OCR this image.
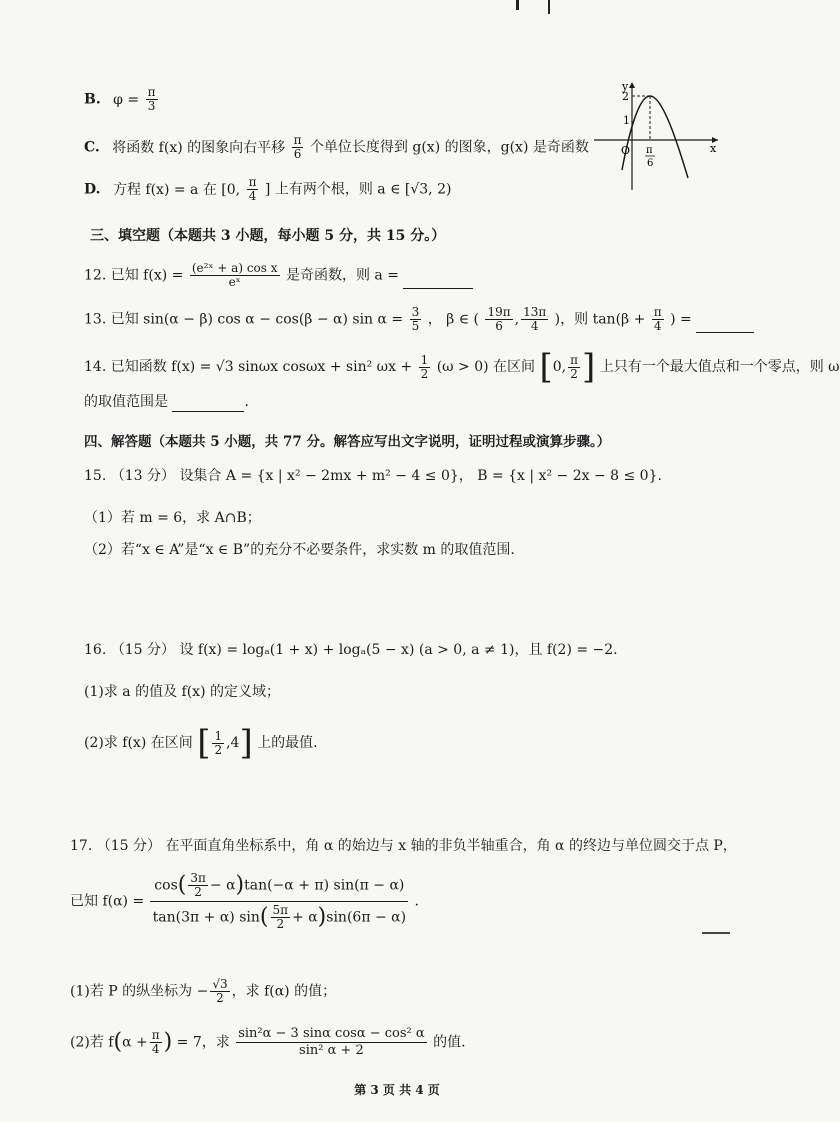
B. $\varphi = \frac{\pi}{3}$
C. 将函数 f(x) 的图象向右平移 $\frac{\pi}{6}$ 个单位长度得到 g(x) 的图象，g(x) 是奇函数
D. 方程 f(x) = a 在 [0, $\frac{\pi}{4}$ ] 上有两个根，则 a ∈ [√3, 2)
y
2
1
O	x
π
6
三、填空题（本题共 3 小题，每小题 5 分，共 15 分。）
12. 已知 $f(x) = \frac{\text{(e²ˣ + a) cos x}}{\text{eˣ}}$ 是奇函数，则 a =
13. 已知 sin(α − β) cos α − cos(β − α) $\sin \alpha = \frac{3}{5}$ ， β ∈ ( $\frac{19\pi}{6}$ , $\frac{13\pi}{4}$ )，则 $\tan(\beta + \frac{\pi}{4}$ ) =
14. 已知函数 f(x) = √3 sinωx cosωx + sin² $\omega x + \frac{1}{2} (\omega > 0)$ 在区间 [0, $\frac{\pi}{2}$ ] 上只有一个最大值点和一个零点，则 ω
的取值范围是	.
四、解答题（本题共 5 小题，共 77 分。解答应写出文字说明，证明过程或演算步骤。）
15. （13 分） 设集合 A = {x | x² − 2mx + m² − 4 ≤ 0}， B = {x | x² − 2x − 8 ≤ 0}.
（1）若 m = 6，求 A∩B；
（2）若“x ∈ A”是“x ∈ B”的充分不必要条件，求实数 m 的取值范围.
16. （15 分） 设 f(x) = logₐ(1 + x) + logₐ(5 − x) (a > 0, a ≠ 1)，且 f(2) = −2.
(1)求 a 的值及 f(x) 的定义域；
(2)求 f(x) 在区间 [ $\frac{1}{2} ,4$] 上的最值.
17. （15 分） 在平面直角坐标系中，角 α 的始边与 x 轴的非负半轴重合，角 α 的终边与单位圆交于点 P，
已知 $f(\alpha) = \frac{\cos( \frac{3\pi}{2} - \alpha)\tan(-\alpha + \pi) \sin(\pi - \alpha)}{\tan(3\pi + \alpha) \sin( \frac{5\pi}{2} + \alpha)\sin(6\pi - \alpha)}$ .
(1)若 P 的纵坐标为 − $\frac{√3}{2}$ ，求 f(α) 的值；
(2)若 $f(\alpha + \frac{\pi}{4}$ ) = 7，求 $\frac{\text{sin²α − 3 sinα cosα − cos² α}}{\text{sin² α + 2}}$ 的值.
第 3 页 共 4 页
